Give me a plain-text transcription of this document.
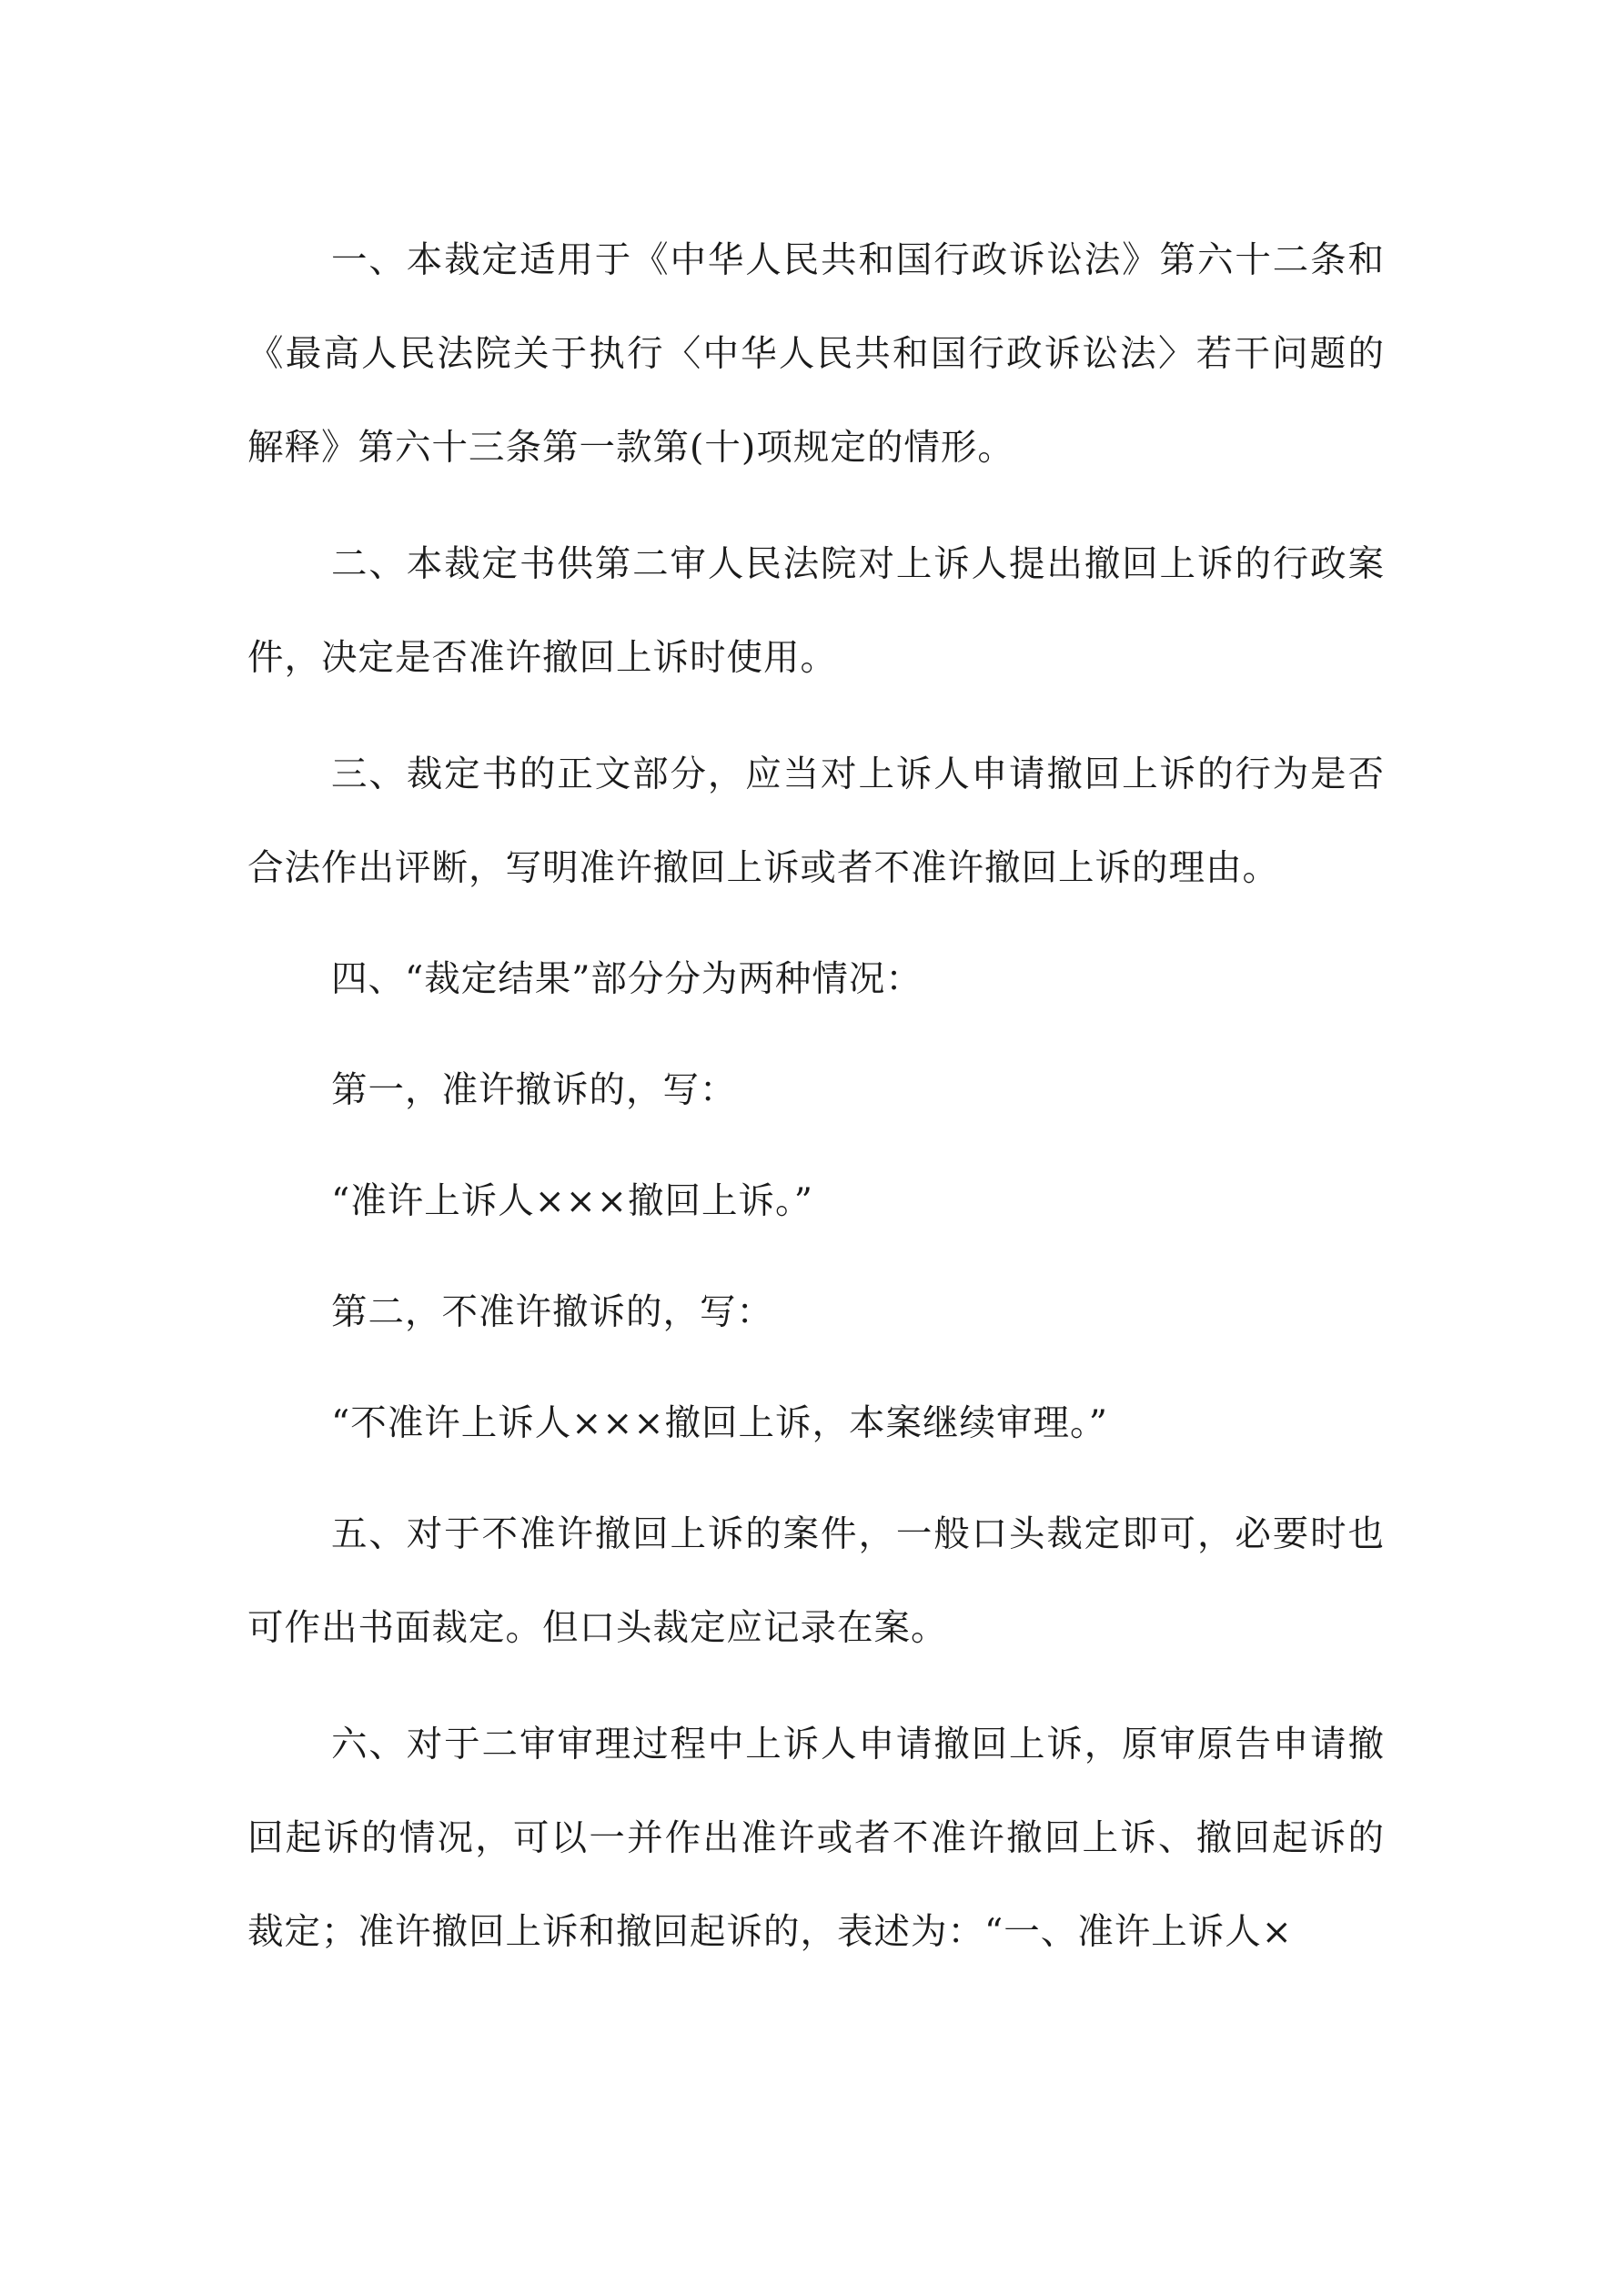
一、本裁定适用于《中华人民共和国行政诉讼法》第六十二条和《最高人民法院关于执行〈中华人民共和国行政诉讼法〉若干问题的解释》第六十三条第一款第(十)项规定的情形。

二、本裁定书供第二审人民法院对上诉人提出撤回上诉的行政案件，决定是否准许撤回上诉时使用。

三、裁定书的正文部分，应当对上诉人申请撤回上诉的行为是否合法作出评断，写明准许撤回上诉或者不准许撤回上诉的理由。

四、“裁定结果”部分分为两种情况：

第一，准许撤诉的，写：

“准许上诉人×××撤回上诉。”

第二，不准许撤诉的，写：

“不准许上诉人×××撤回上诉，本案继续审理。”

五、对于不准许撤回上诉的案件，一般口头裁定即可，必要时也可作出书面裁定。但口头裁定应记录在案。

六、对于二审审理过程中上诉人申请撤回上诉，原审原告申请撤回起诉的情况，可以一并作出准许或者不准许撤回上诉、撤回起诉的裁定；准许撤回上诉和撤回起诉的，表述为：“一、准许上诉人×
